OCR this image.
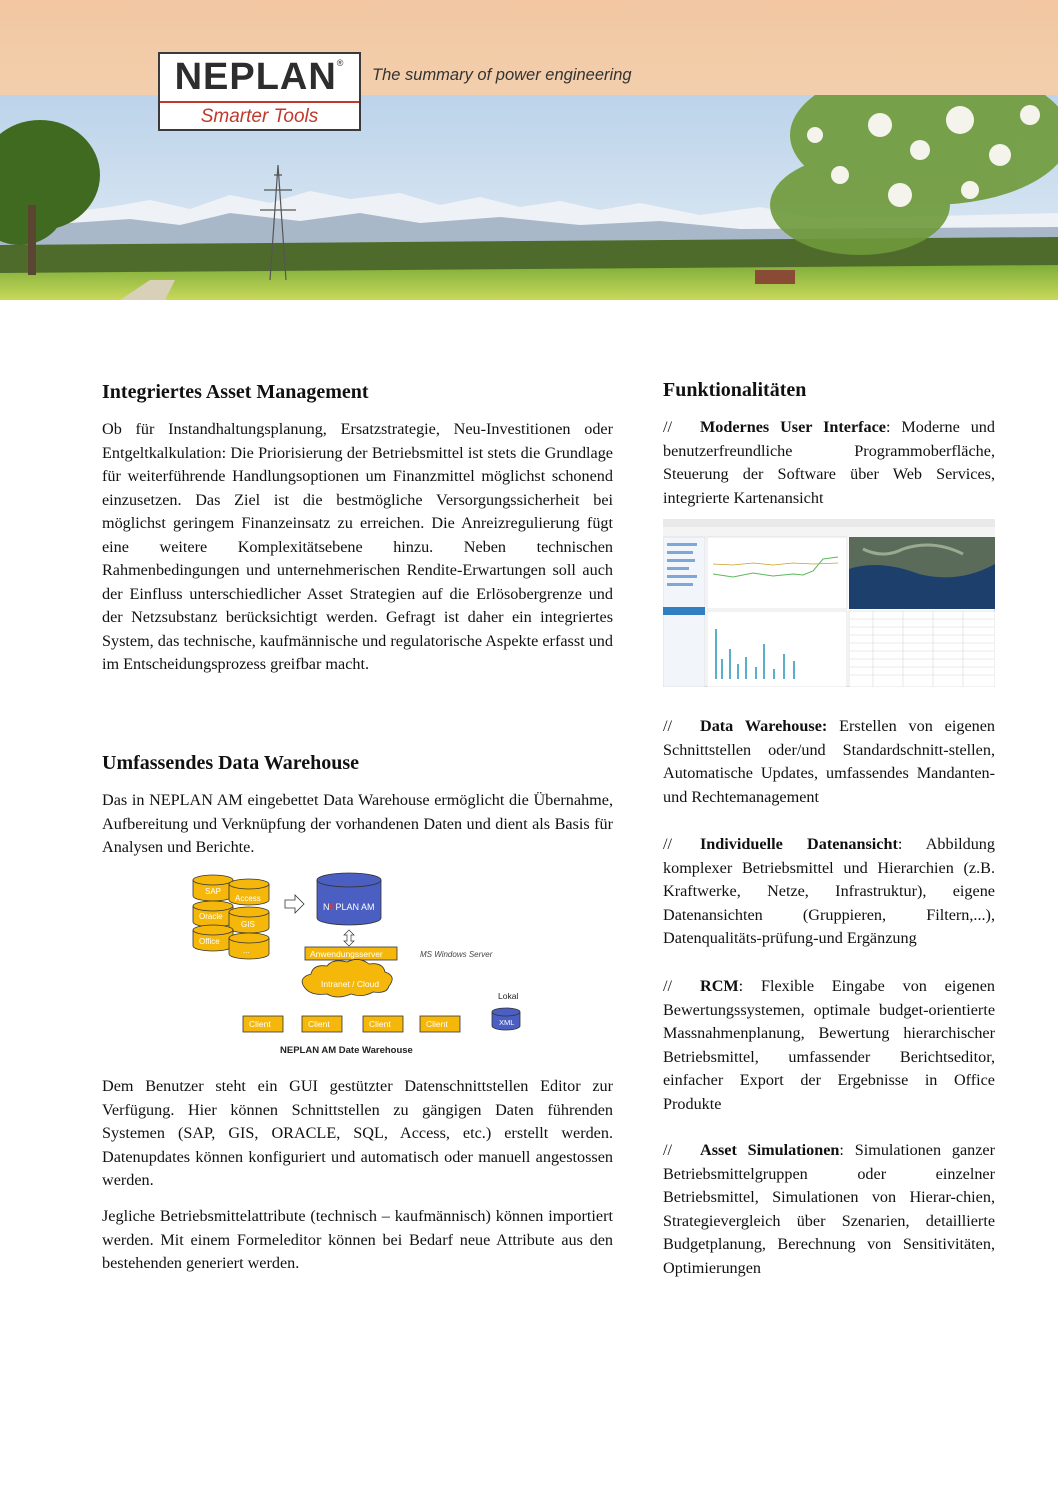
NEPLAN®
Smarter Tools
The summary of power engineering
Integriertes Asset Management

Ob für Instandhaltungsplanung, Ersatzstrategie, Neu-Investitionen oder Entgeltkalkulation: Die Priorisierung der Betriebsmittel ist stets die Grundlage für weiterführende Handlungsoptionen um Finanzmittel möglichst schonend einzusetzen. Das Ziel ist die bestmögliche Versorgungssicherheit bei möglichst geringem Finanzeinsatz zu erreichen. Die Anreizregulierung fügt eine weitere Komplexitätsebene hinzu. Neben technischen Rahmenbedingungen und unternehmerischen Rendite-Erwartungen soll auch der Einfluss unterschiedlicher Asset Strategien auf die Erlösobergrenze und der Netzsubstanz berücksichtigt werden. Gefragt ist daher ein integriertes System, das technische, kaufmännische und regulatorische Aspekte erfasst und im Entscheidungsprozess greifbar macht.

Umfassendes Data Warehouse

Das in NEPLAN AM eingebettet Data Warehouse ermöglicht die Übernahme, Aufbereitung und Verknüpfung der vorhandenen Daten und dient als Basis für Analysen und Berichte.

SAP
Access
Oracle
GIS
Office
...
NEPLAN AM
Anwendungsserver	MS Windows Server
Intranet / Cloud
Client	Client	Client	Client
Lokal
XML
NEPLAN AM Date Warehouse

Dem Benutzer steht ein GUI gestützter Datenschnittstellen Editor zur Verfügung. Hier können Schnittstellen zu gängigen Daten führenden Systemen (SAP, GIS, ORACLE, SQL, Access, etc.) erstellt werden. Datenupdates können konfiguriert und automatisch oder manuell angestossen werden.

Jegliche Betriebsmittelattribute (technisch – kaufmännisch) können importiert werden. Mit einem Formeleditor können bei Bedarf neue Attribute aus den bestehenden generiert werden.

Funktionalitäten

// Modernes User Interface: Moderne und benutzerfreundliche Programmoberfläche, Steuerung der Software über Web Services, integrierte Kartenansicht

// Data Warehouse: Erstellen von eigenen Schnittstellen oder/und Standardschnitt-stellen, Automatische Updates, umfassendes Mandanten- und Rechtemanagement

// Individuelle Datenansicht: Abbildung komplexer Betriebsmittel und Hierarchien (z.B. Kraftwerke, Netze, Infrastruktur), eigene Datenansichten (Gruppieren, Filtern,...), Datenqualitäts-prüfung-und Ergänzung

// RCM: Flexible Eingabe von eigenen Bewertungssystemen, optimale budget-orientierte Massnahmenplanung, Bewertung hierarchischer Betriebsmittel, umfassender Berichtseditor, einfacher Export der Ergebnisse in Office Produkte

// Asset Simulationen: Simulationen ganzer Betriebsmittelgruppen oder einzelner Betriebsmittel, Simulationen von Hierar-chien, Strategievergleich über Szenarien, detaillierte Budgetplanung, Berechnung von Sensitivitäten, Optimierungen
